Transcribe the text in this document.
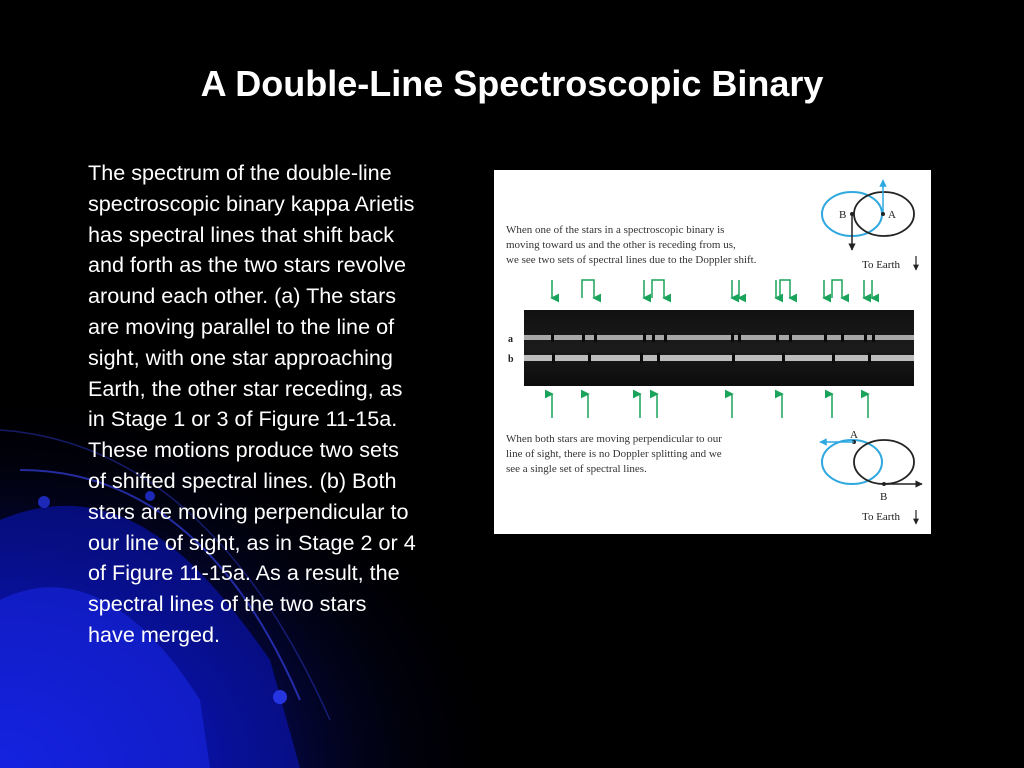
A Double-Line Spectroscopic Binary

The spectrum of the double-line
spectroscopic binary kappa Arietis
has spectral lines that shift back
and forth as the two stars revolve
around each other. (a) The stars
are moving parallel to the line of
sight, with one star approaching
Earth, the other star receding, as
in Stage 1 or 3 of Figure 11-15a.
These motions produce two sets
of shifted spectral lines. (b) Both
stars are moving perpendicular to
our line of sight, as in Stage 2 or 4
of Figure 11-15a. As a result, the
spectral lines of the two stars
have merged.

When one of the stars in a spectroscopic binary is
moving toward us and the other is receding from us,
we see two sets of spectral lines due to the Doppler shift.
B	A
To Earth
a
b
When both stars are moving perpendicular to our
line of sight, there is no Doppler splitting and we
see a single set of spectral lines.
A
B
To Earth
